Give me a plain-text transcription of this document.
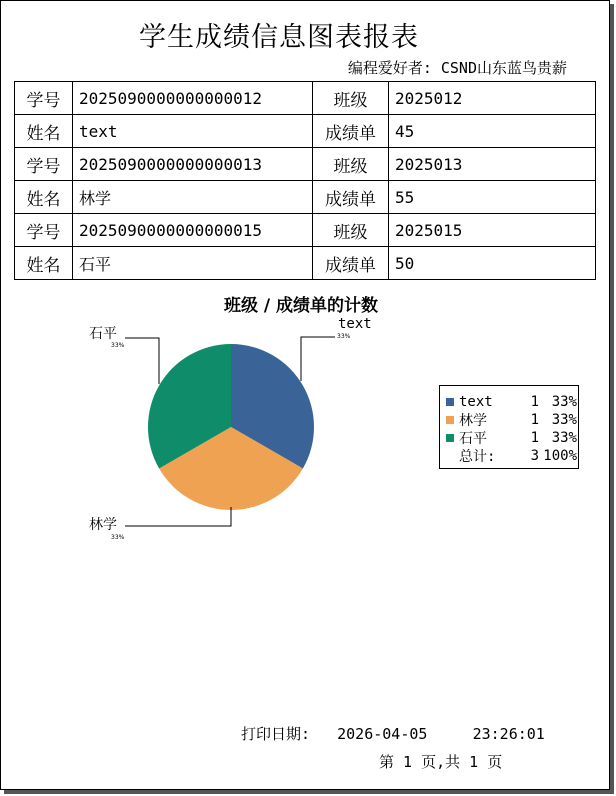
学生成绩信息图表报表
编程爱好者: CSND山东蓝鸟贵薪
学号	2025090000000000012	班级	2025012
姓名	text	成绩单	45
学号	2025090000000000013	班级	2025013
姓名	林学	成绩单	55
学号	2025090000000000015	班级	2025015
姓名	石平	成绩单	50
班级 / 成绩单的计数
text
33%
林学
33%
石平
33%
text	1 33%
林学	1 33%
石平	1 33%
总计:	3 100%
打印日期: 2026-04-05	23:26:01
第 1 页,共 1 页
